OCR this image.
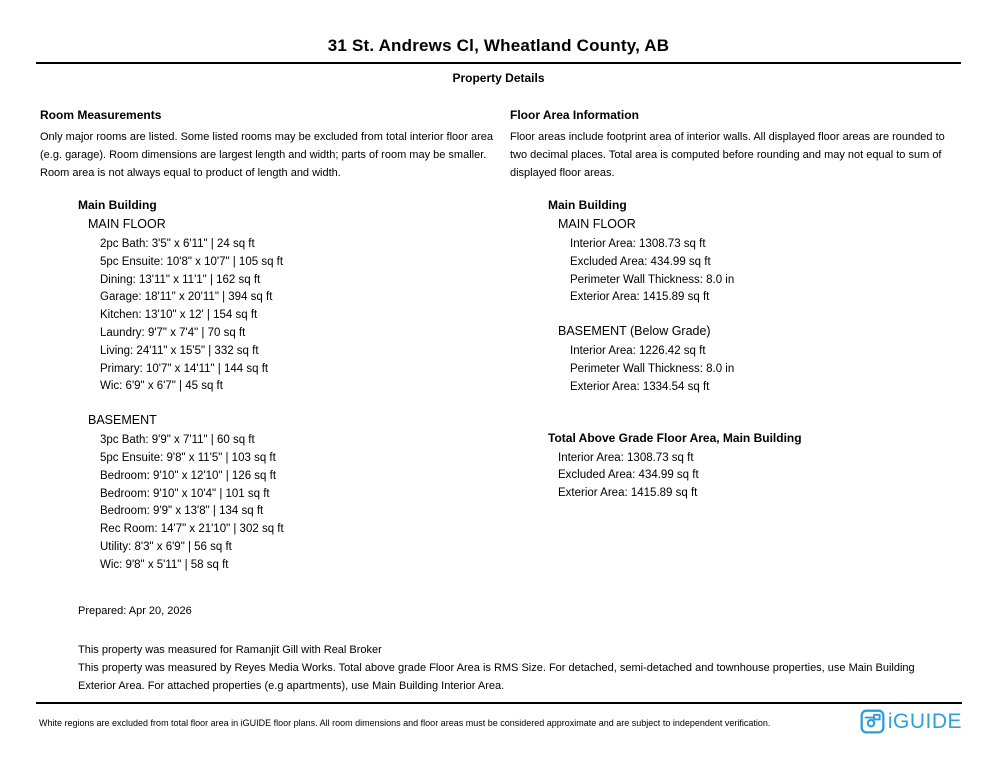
31 St. Andrews Cl, Wheatland County, AB
Property Details
Room Measurements

Only major rooms are listed. Some listed rooms may be excluded from total interior floor area (e.g. garage). Room dimensions are largest length and width; parts of room may be smaller. Room area is not always equal to product of length and width.

Main Building
MAIN FLOOR
2pc Bath: 3'5" x 6'11" | 24 sq ft
5pc Ensuite: 10'8" x 10'7" | 105 sq ft
Dining: 13'11" x 11'1" | 162 sq ft
Garage: 18'11" x 20'11" | 394 sq ft
Kitchen: 13'10" x 12' | 154 sq ft
Laundry: 9'7" x 7'4" | 70 sq ft
Living: 24'11" x 15'5" | 332 sq ft
Primary: 10'7" x 14'11" | 144 sq ft
Wic: 6'9" x 6'7" | 45 sq ft
BASEMENT
3pc Bath: 9'9" x 7'11" | 60 sq ft
5pc Ensuite: 9'8" x 11'5" | 103 sq ft
Bedroom: 9'10" x 12'10" | 126 sq ft
Bedroom: 9'10" x 10'4" | 101 sq ft
Bedroom: 9'9" x 13'8" | 134 sq ft
Rec Room: 14'7" x 21'10" | 302 sq ft
Utility: 8'3" x 6'9" | 56 sq ft
Wic: 9'8" x 5'11" | 58 sq ft
Floor Area Information

Floor areas include footprint area of interior walls. All displayed floor areas are rounded to two decimal places. Total area is computed before rounding and may not equal to sum of displayed floor areas.

Main Building
MAIN FLOOR
Interior Area: 1308.73 sq ft
Excluded Area: 434.99 sq ft
Perimeter Wall Thickness: 8.0 in
Exterior Area: 1415.89 sq ft
BASEMENT (Below Grade)
Interior Area: 1226.42 sq ft
Perimeter Wall Thickness: 8.0 in
Exterior Area: 1334.54 sq ft
Total Above Grade Floor Area, Main Building
Interior Area: 1308.73 sq ft
Excluded Area: 434.99 sq ft
Exterior Area: 1415.89 sq ft

Prepared: Apr 20, 2026

This property was measured for Ramanjit Gill with Real Broker

This property was measured by Reyes Media Works. Total above grade Floor Area is RMS Size. For detached, semi-detached and townhouse properties, use Main Building Exterior Area. For attached properties (e.g apartments), use Main Building Interior Area.

White regions are excluded from total floor area in iGUIDE floor plans. All room dimensions and floor areas must be considered approximate and are subject to independent verification.	iGUIDE
